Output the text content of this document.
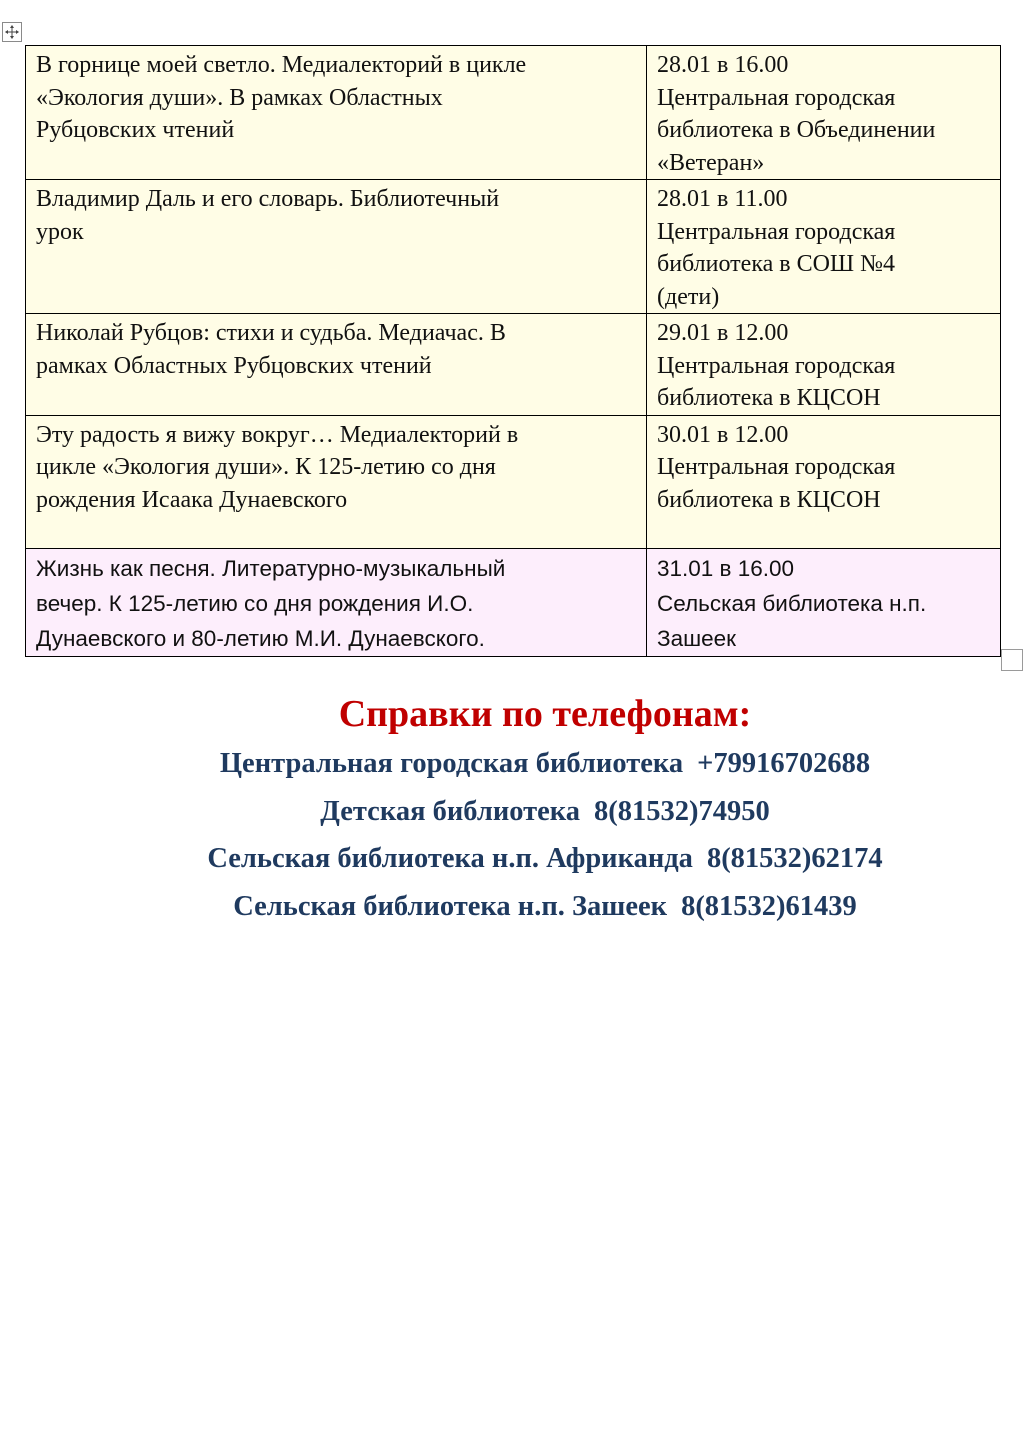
В горнице моей светло. Медиалекторий в цикле
«Экология души». В рамках Областных
Рубцовских чтений	28.01 в 16.00
Центральная городская
библиотека в Объединении
«Ветеран»

Владимир Даль и его словарь. Библиотечный
урок	28.01 в 11.00
Центральная городская
библиотека в СОШ №4
(дети)

Николай Рубцов: стихи и судьба. Медиачас. В
рамках Областных Рубцовских чтений	29.01 в 12.00
Центральная городская
библиотека в КЦСОН

Эту радость я вижу вокруг… Медиалекторий в
цикле «Экология души». К 125-летию со дня
рождения Исаака Дунаевского	30.01 в 12.00
Центральная городская
библиотека в КЦСОН

Жизнь как песня. Литературно-музыкальный
вечер. К 125-летию со дня рождения И.О.
Дунаевского и 80-летию М.И. Дунаевского.	31.01 в 16.00
Сельская библиотека н.п.
Зашеек
Справки по телефонам:
Центральная городская библиотека +79916702688
Детская библиотека 8(81532)74950
Сельская библиотека н.п. Африканда 8(81532)62174
Сельская библиотека н.п. Зашеек 8(81532)61439
